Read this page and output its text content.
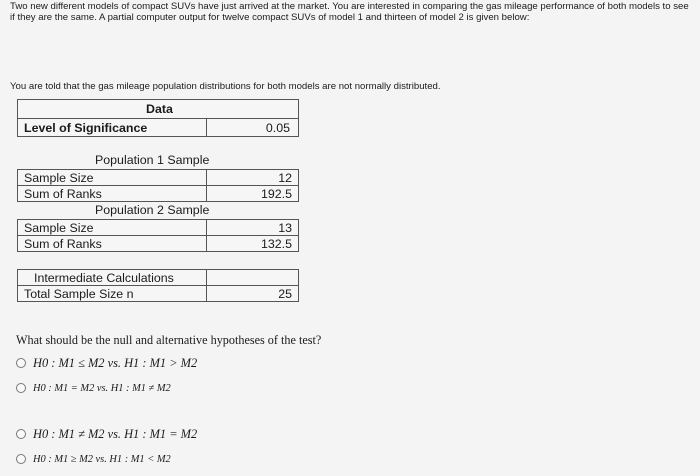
Two new different models of compact SUVs have just arrived at the market. You are interested in comparing the gas mileage performance of both models to see if they are the same. A partial computer output for twelve compact SUVs of model 1 and thirteen of model 2 is given below:
You are told that the gas mileage population distributions for both models are not normally distributed.
Data
Level of Significance	0.05
Population 1 Sample
Sample Size	12
Sum of Ranks	192.5
Population 2 Sample
Sample Size	13
Sum of Ranks	132.5
Intermediate Calculations
Total Sample Size n	25
What should be the null and alternative hypotheses of the test?
H0 : M1 ≤ M2 vs. H1 : M1 > M2
H0 : M1 = M2 vs. H1 : M1 ≠ M2
H0 : M1 ≠ M2 vs. H1 : M1 = M2
H0 : M1 ≥ M2 vs. H1 : M1 < M2
